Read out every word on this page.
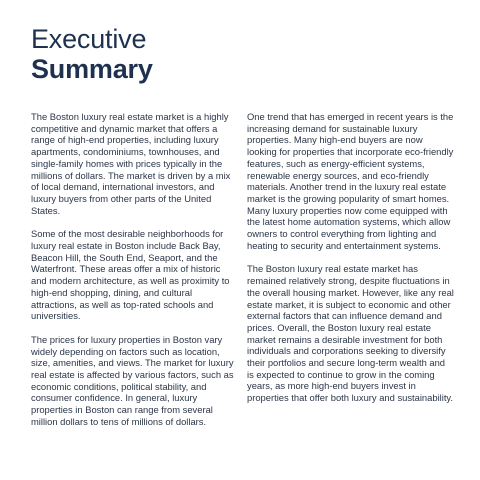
Executive
Summary

The Boston luxury real estate market is a highly competitive and dynamic market that offers a range of high-end properties, including luxury apartments, condominiums, townhouses, and single-family homes with prices typically in the millions of dollars. The market is driven by a mix of local demand, international investors, and luxury buyers from other parts of the United States.

Some of the most desirable neighborhoods for luxury real estate in Boston include Back Bay, Beacon Hill, the South End, Seaport, and the Waterfront. These areas offer a mix of historic and modern architecture, as well as proximity to high-end shopping, dining, and cultural attractions, as well as top-rated schools and universities.

The prices for luxury properties in Boston vary widely depending on factors such as location, size, amenities, and views. The market for luxury real estate is affected by various factors, such as economic conditions, political stability, and consumer confidence. In general, luxury properties in Boston can range from several million dollars to tens of millions of dollars.

One trend that has emerged in recent years is the increasing demand for sustainable luxury properties. Many high-end buyers are now looking for properties that incorporate eco-friendly features, such as energy-efficient systems, renewable energy sources, and eco-friendly materials. Another trend in the luxury real estate market is the growing popularity of smart homes. Many luxury properties now come equipped with the latest home automation systems, which allow owners to control everything from lighting and heating to security and entertainment systems.

The Boston luxury real estate market has remained relatively strong, despite fluctuations in the overall housing market. However, like any real estate market, it is subject to economic and other external factors that can influence demand and prices. Overall, the Boston luxury real estate market remains a desirable investment for both individuals and corporations seeking to diversify their portfolios and secure long-term wealth and is expected to continue to grow in the coming years, as more high-end buyers invest in properties that offer both luxury and sustainability.
